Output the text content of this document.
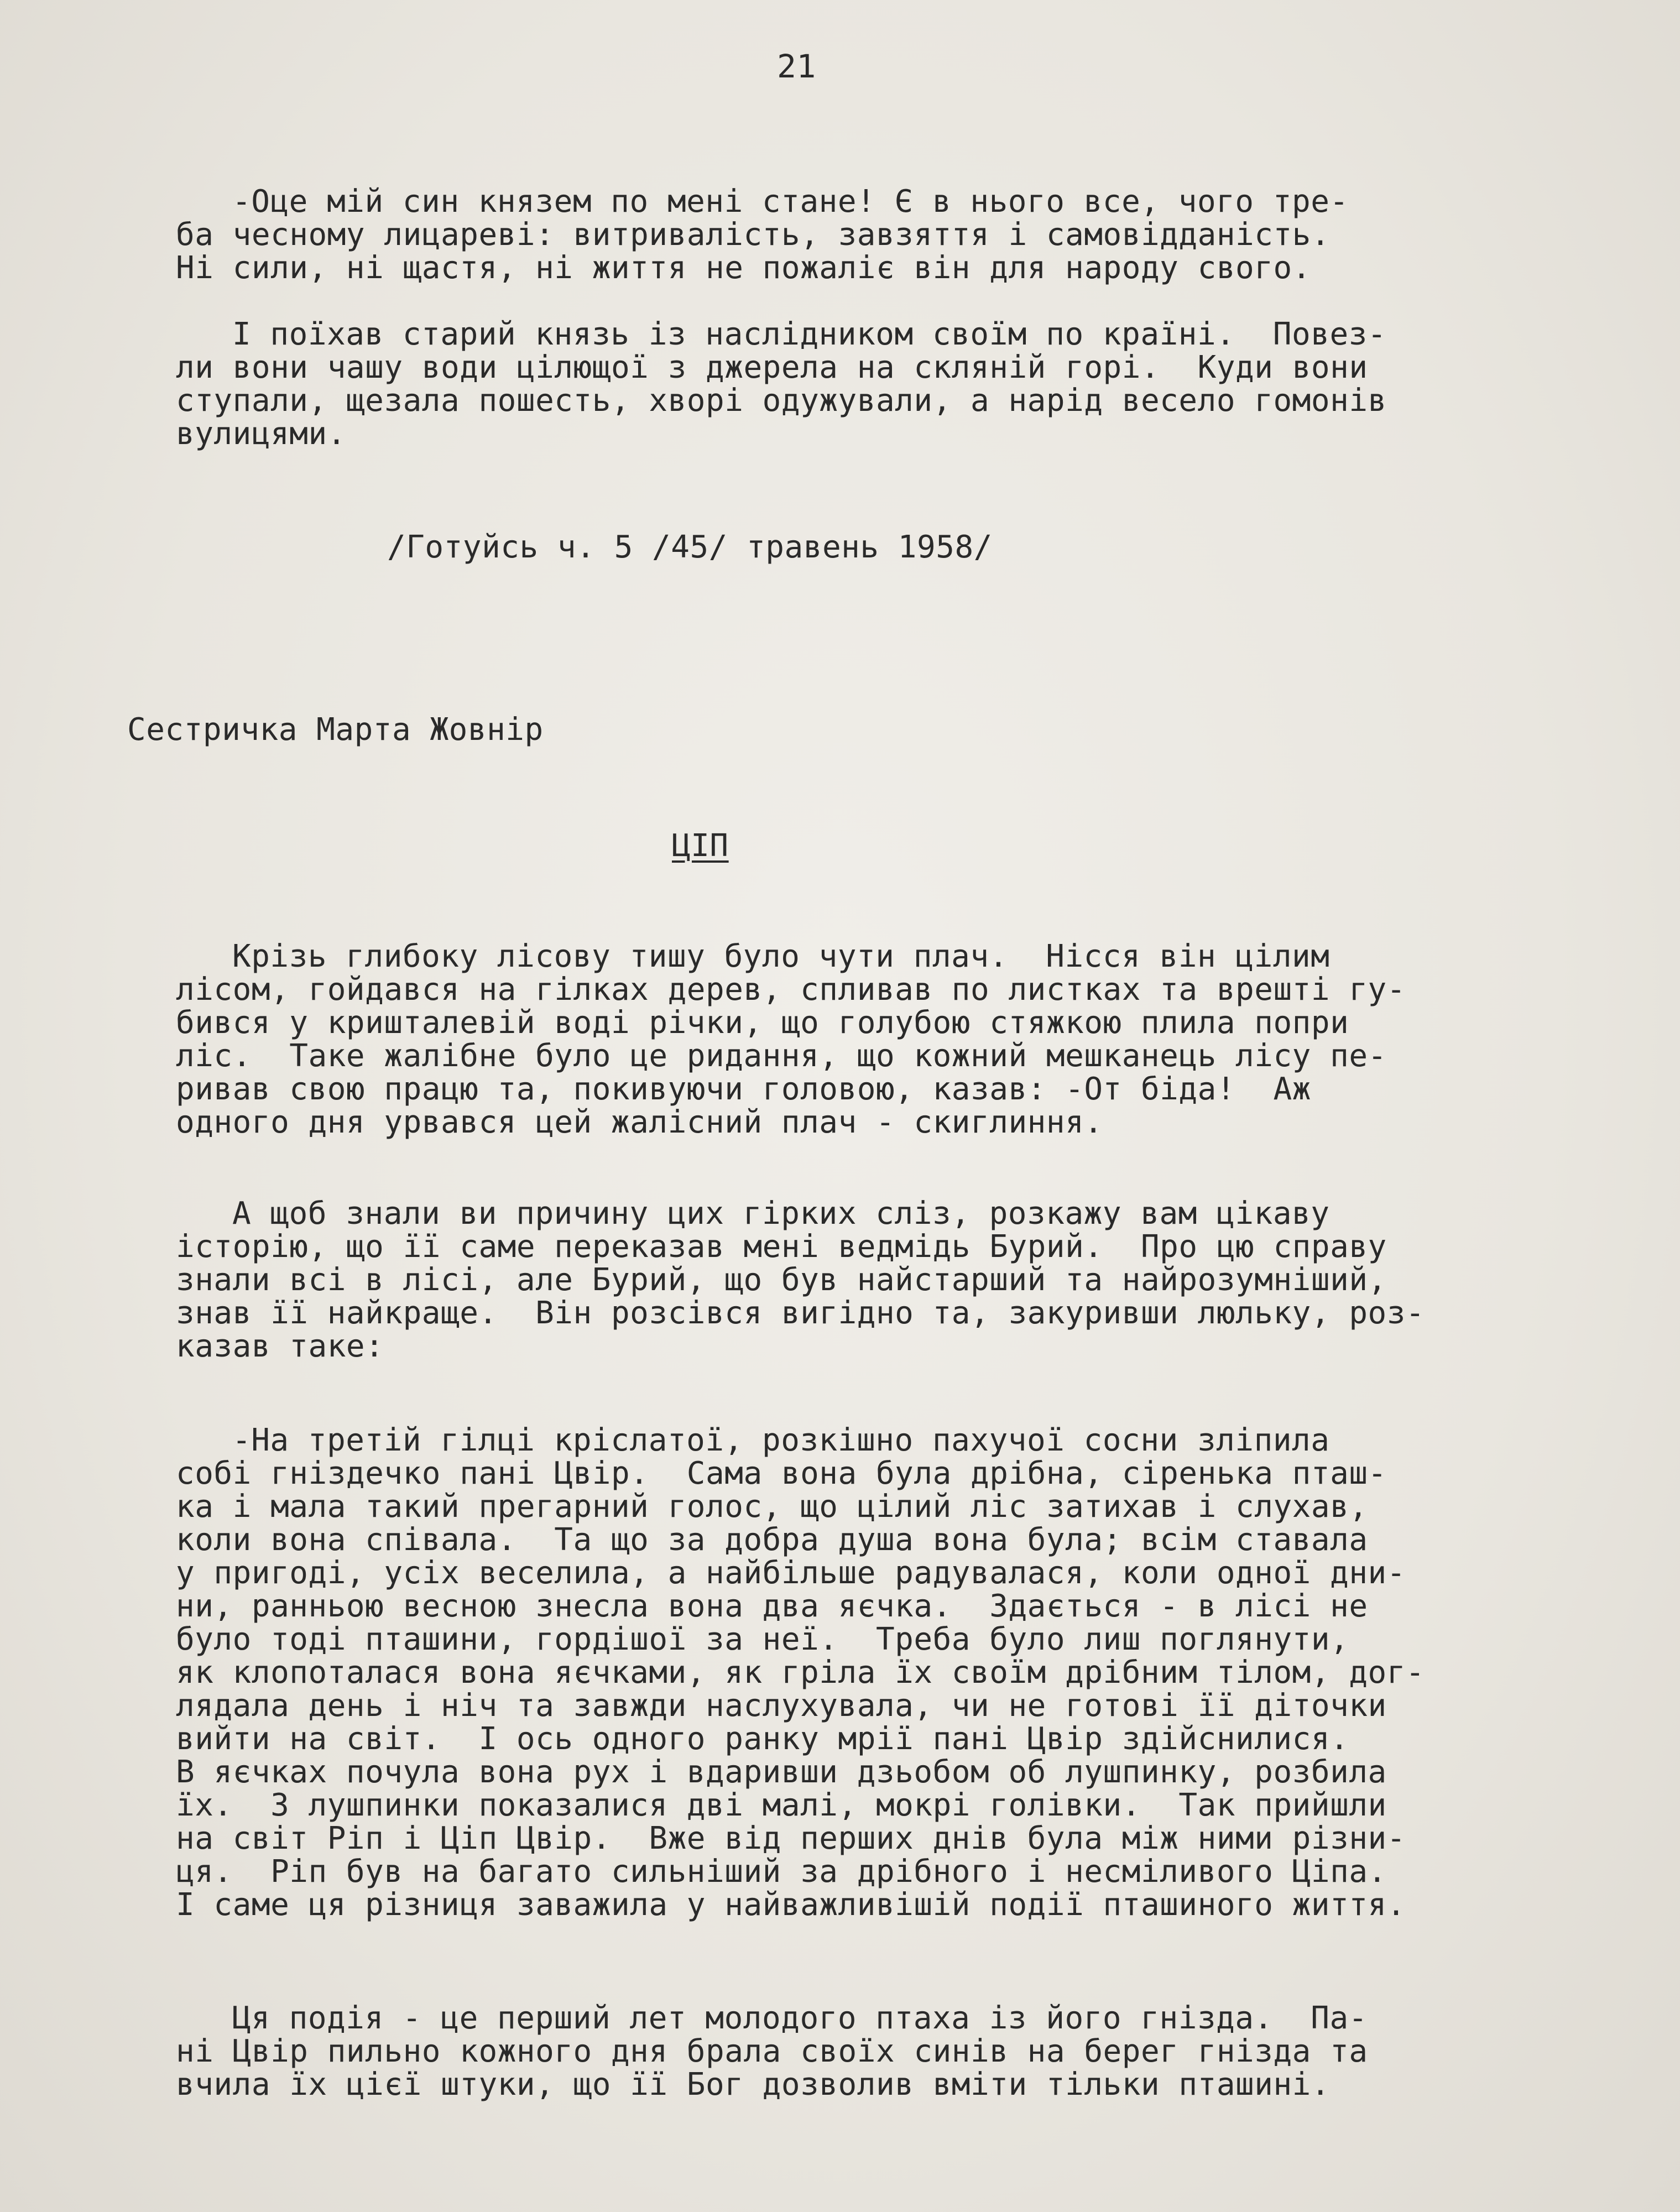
21
-Оце мій син князем по мені стане! Є в нього все, чого тре-
ба чесному лицареві: витривалість, завзяття і самовідданість.
Ні сили, ні щастя, ні життя не пожаліє він для народу свого.
І поїхав старий князь із наслідником своїм по країні.  Повез-
ли вони чашу води цілющої з джерела на скляній горі.  Куди вони
ступали, щезала пошесть, хворі одужували, а нарід весело гомонів
вулицями.
/Готуйсь ч. 5 /45/ травень 1958/
Сестричка Марта Жовнір
ЦІП
Крізь глибоку лісову тишу було чути плач.  Нісся він цілим
лісом, гойдався на гілках дерев, спливав по листках та врешті гу-
бився у кришталевій воді річки, що голубою стяжкою плила попри
ліс.  Таке жалібне було це ридання, що кожний мешканець лісу пе-
ривав свою працю та, покивуючи головою, казав: -От біда!  Аж
одного дня урвався цей жалісний плач - скиглиння.
А щоб знали ви причину цих гірких сліз, розкажу вам цікаву
історію, що її саме переказав мені ведмідь Бурий.  Про цю справу
знали всі в лісі, але Бурий, що був найстарший та найрозумніший,
знав її найкраще.  Він розсівся вигідно та, закуривши люльку, роз-
казав таке:
-На третій гілці кріслатої, розкішно пахучої сосни зліпила
собі гніздечко пані Цвір.  Сама вона була дрібна, сіренька пташ-
ка і мала такий прегарний голос, що цілий ліс затихав і слухав,
коли вона співала.  Та що за добра душа вона була; всім ставала
у пригоді, усіх веселила, а найбільше радувалася, коли одної дни-
ни, ранньою весною знесла вона два яєчка.  Здається - в лісі не
було тоді пташини, гордішої за неї.  Треба було лиш поглянути,
як клопоталася вона яєчками, як гріла їх своїм дрібним тілом, дог-
лядала день і ніч та завжди наслухувала, чи не готові її діточки
вийти на світ.  І ось одного ранку мрії пані Цвір здійснилися.
В яєчках почула вона рух і вдаривши дзьобом об лушпинку, розбила
їх.  З лушпинки показалися дві малі, мокрі голівки.  Так прийшли
на світ Ріп і Ціп Цвір.  Вже від перших днів була між ними різни-
ця.  Ріп був на багато сильніший за дрібного і несміливого Ціпа.
І саме ця різниця заважила у найважливішій події пташиного життя.
Ця подія - це перший лет молодого птаха із його гнізда.  Па-
ні Цвір пильно кожного дня брала своїх синів на берег гнізда та
вчила їх цієї штуки, що її Бог дозволив вміти тільки пташині.
